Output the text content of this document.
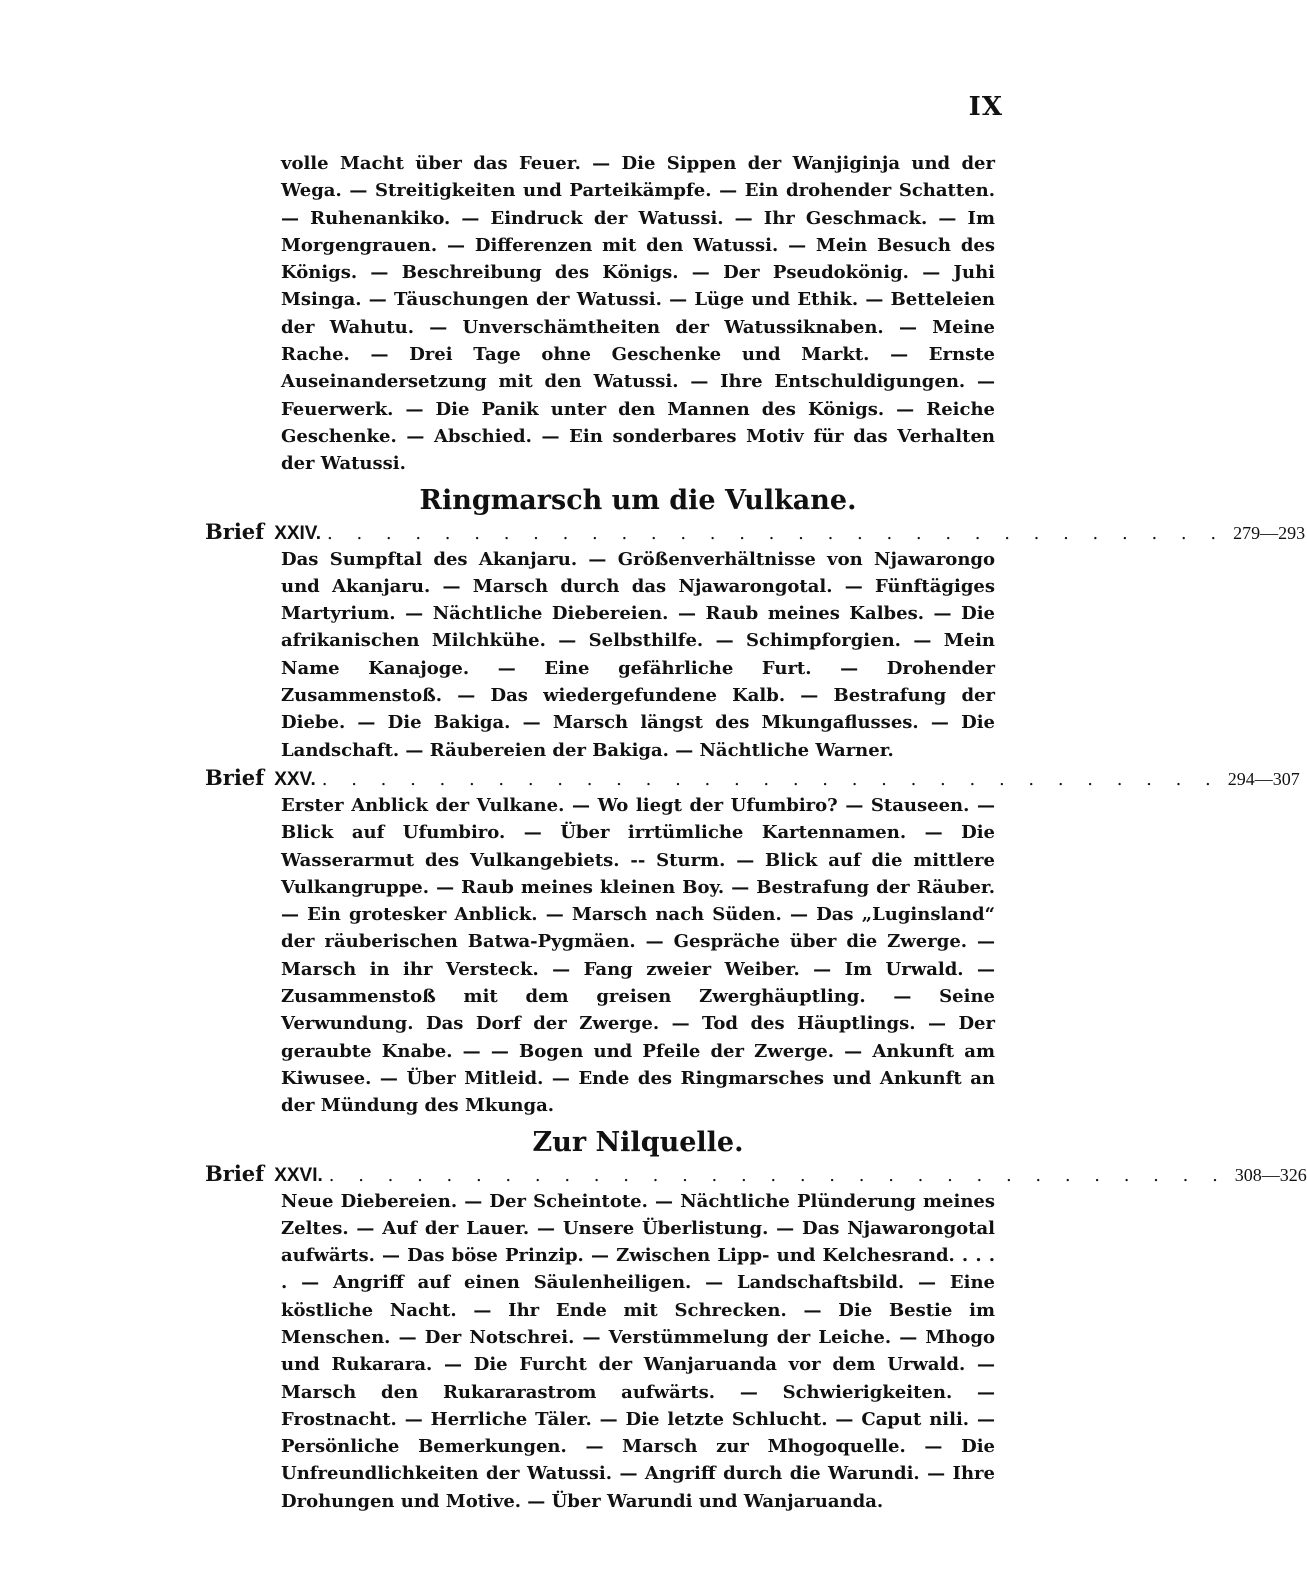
IX

volle Macht über das Feuer. — Die Sippen der Wanjiginja und der Wega. — Streitigkeiten und Parteikämpfe. — Ein drohender Schatten. — Ruhenankiko. — Eindruck der Watussi. — Ihr Geschmack. — Im Morgengrauen. — Differenzen mit den Watussi. — Mein Besuch des Königs. — Beschreibung des Königs. — Der Pseudokönig. — Juhi Msinga. — Täuschungen der Watussi. — Lüge und Ethik. — Betteleien der Wahutu. — Unverschämtheiten der Watussiknaben. — Meine Rache. — Drei Tage ohne Geschenke und Markt. — Ernste Auseinandersetzung mit den Watussi. — Ihre Entschuldigungen. — Feuerwerk. — Die Panik unter den Mannen des Königs. — Reiche Geschenke. — Abschied. — Ein sonderbares Motiv für das Verhalten der Watussi.

Ringmarsch um die Vulkane.
Brief XXIV. . . . . . . . . . . . . . . . . . . . . . . . . . . . . . . . 279—293

Das Sumpftal des Akanjaru. — Größenverhältnisse von Njawarongo und Akanjaru. — Marsch durch das Njawarongotal. — Fünftägiges Martyrium. — Nächtliche Diebereien. — Raub meines Kalbes. — Die afrikanischen Milchkühe. — Selbsthilfe. — Schimpforgien. — Mein Name Kanajoge. — Eine gefährliche Furt. — Drohender Zusammenstoß. — Das wiedergefundene Kalb. — Bestrafung der Diebe. — Die Bakiga. — Marsch längst des Mkungaflusses. — Die Landschaft. — Räubereien der Bakiga. — Nächtliche Warner.

Brief XXV. . . . . . . . . . . . . . . . . . . . . . . . . . . . . . . . 294—307

Erster Anblick der Vulkane. — Wo liegt der Ufumbiro? — Stauseen. — Blick auf Ufumbiro. — Über irrtümliche Kartennamen. — Die Wasserarmut des Vulkangebiets. -- Sturm. — Blick auf die mittlere Vulkangruppe. — Raub meines kleinen Boy. — Bestrafung der Räuber. — Ein grotesker Anblick. — Marsch nach Süden. — Das „Luginsland“ der räuberischen Batwa-Pygmäen. — Gespräche über die Zwerge. — Marsch in ihr Versteck. — Fang zweier Weiber. — Im Urwald. — Zusammenstoß mit dem greisen Zwerghäuptling. — Seine Verwundung. Das Dorf der Zwerge. — Tod des Häuptlings. — Der geraubte Knabe. — — Bogen und Pfeile der Zwerge. — Ankunft am Kiwusee. — Über Mitleid. — Ende des Ringmarsches und Ankunft an der Mündung des Mkunga.

Zur Nilquelle.
Brief XXVI. . . . . . . . . . . . . . . . . . . . . . . . . . . . . . . . 308—326

Neue Diebereien. — Der Scheintote. — Nächtliche Plünderung meines Zeltes. — Auf der Lauer. — Unsere Überlistung. — Das Njawarongotal aufwärts. — Das böse Prinzip. — Zwischen Lipp- und Kelchesrand. . . . . — Angriff auf einen Säulenheiligen. — Landschaftsbild. — Eine köstliche Nacht. — Ihr Ende mit Schrecken. — Die Bestie im Menschen. — Der Notschrei. — Verstümmelung der Leiche. — Mhogo und Rukarara. — Die Furcht der Wanjaruanda vor dem Urwald. — Marsch den Rukararastrom aufwärts. — Schwierigkeiten. — Frostnacht. — Herrliche Täler. — Die letzte Schlucht. — Caput nili. — Persönliche Bemerkungen. — Marsch zur Mhogoquelle. — Die Unfreundlichkeiten der Watussi. — Angriff durch die Warundi. — Ihre Drohungen und Motive. — Über Warundi und Wanjaruanda.
